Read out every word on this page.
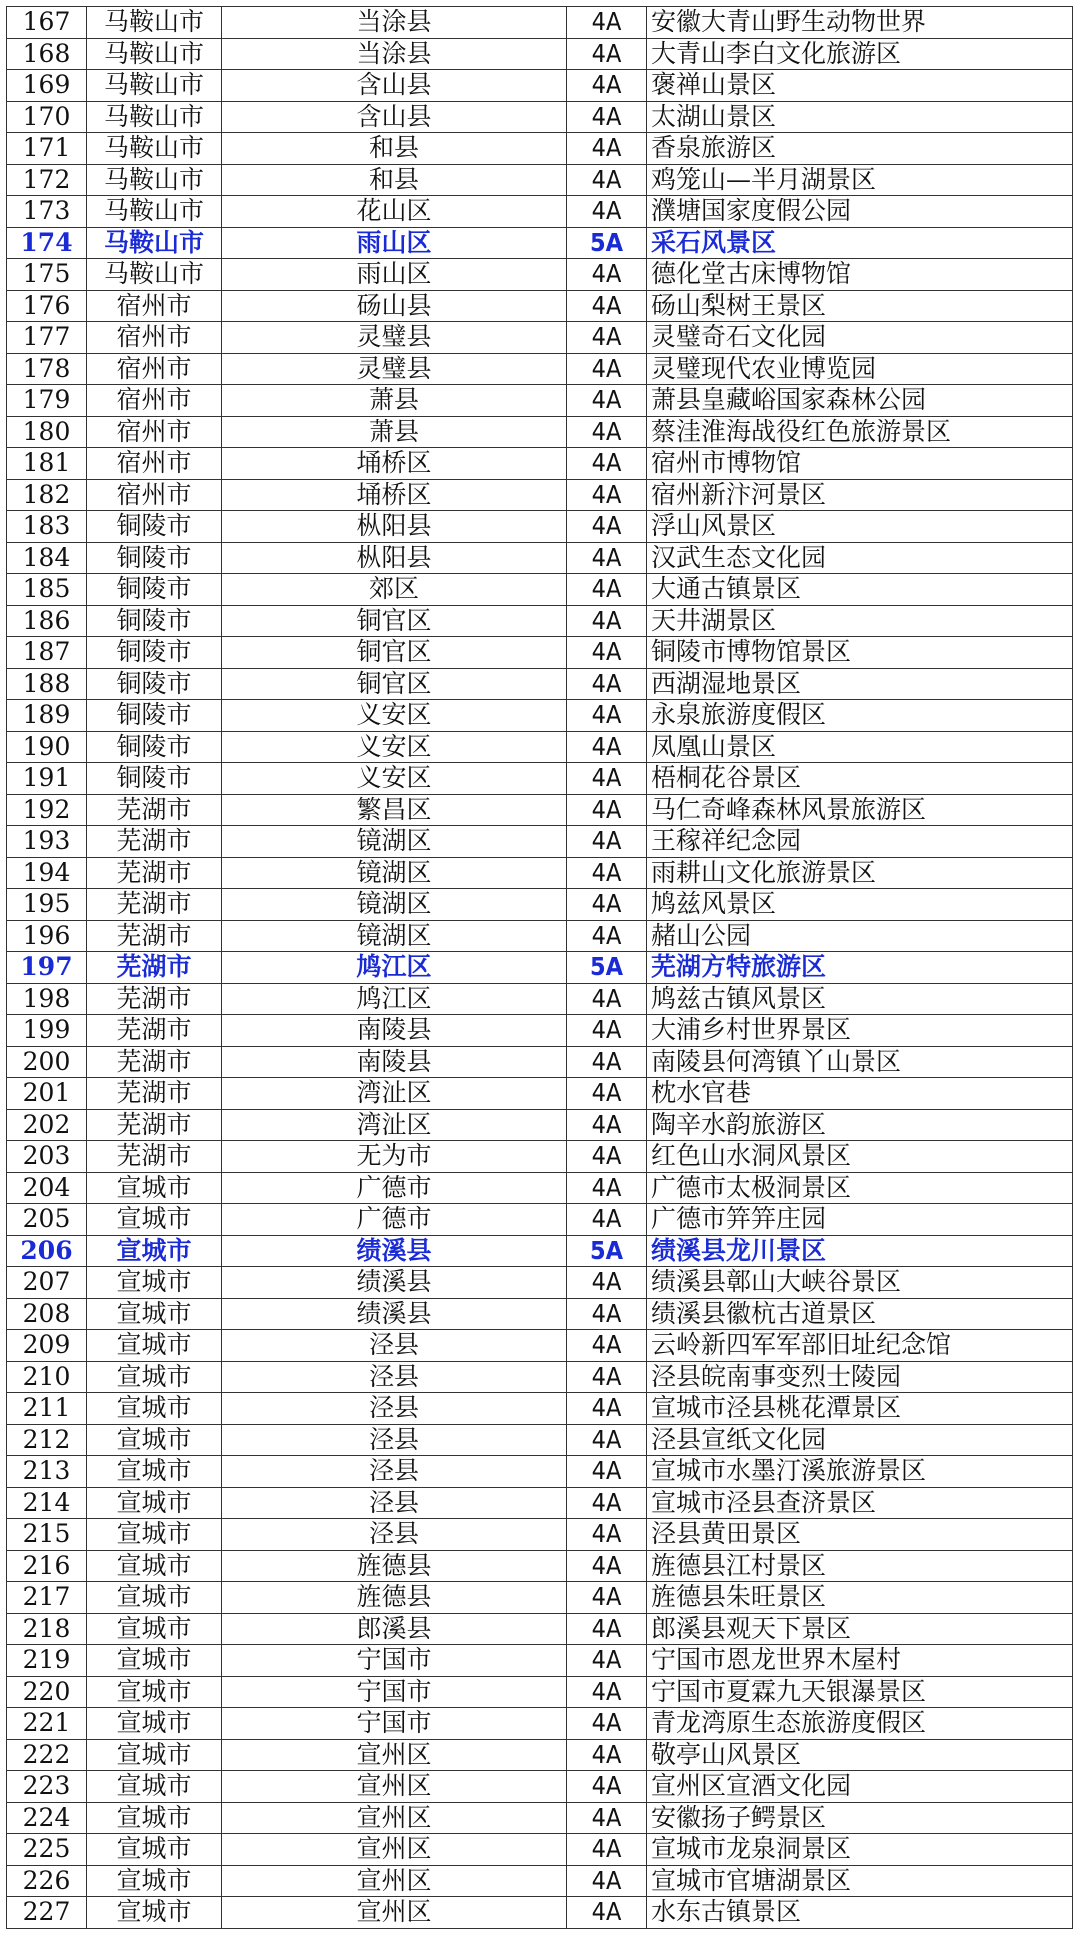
167	马鞍山市	当涂县	4A	安徽大青山野生动物世界
168	马鞍山市	当涂县	4A	大青山李白文化旅游区
169	马鞍山市	含山县	4A	褒禅山景区
170	马鞍山市	含山县	4A	太湖山景区
171	马鞍山市	和县	4A	香泉旅游区
172	马鞍山市	和县	4A	鸡笼山—半月湖景区
173	马鞍山市	花山区	4A	濮塘国家度假公园
174	马鞍山市	雨山区	5A	采石风景区
175	马鞍山市	雨山区	4A	德化堂古床博物馆
176	宿州市	砀山县	4A	砀山梨树王景区
177	宿州市	灵璧县	4A	灵璧奇石文化园
178	宿州市	灵璧县	4A	灵璧现代农业博览园
179	宿州市	萧县	4A	萧县皇藏峪国家森林公园
180	宿州市	萧县	4A	蔡洼淮海战役红色旅游景区
181	宿州市	埇桥区	4A	宿州市博物馆
182	宿州市	埇桥区	4A	宿州新汴河景区
183	铜陵市	枞阳县	4A	浮山风景区
184	铜陵市	枞阳县	4A	汉武生态文化园
185	铜陵市	郊区	4A	大通古镇景区
186	铜陵市	铜官区	4A	天井湖景区
187	铜陵市	铜官区	4A	铜陵市博物馆景区
188	铜陵市	铜官区	4A	西湖湿地景区
189	铜陵市	义安区	4A	永泉旅游度假区
190	铜陵市	义安区	4A	凤凰山景区
191	铜陵市	义安区	4A	梧桐花谷景区
192	芜湖市	繁昌区	4A	马仁奇峰森林风景旅游区
193	芜湖市	镜湖区	4A	王稼祥纪念园
194	芜湖市	镜湖区	4A	雨耕山文化旅游景区
195	芜湖市	镜湖区	4A	鸠兹风景区
196	芜湖市	镜湖区	4A	赭山公园
197	芜湖市	鸠江区	5A	芜湖方特旅游区
198	芜湖市	鸠江区	4A	鸠兹古镇风景区
199	芜湖市	南陵县	4A	大浦乡村世界景区
200	芜湖市	南陵县	4A	南陵县何湾镇丫山景区
201	芜湖市	湾沚区	4A	枕水官巷
202	芜湖市	湾沚区	4A	陶辛水韵旅游区
203	芜湖市	无为市	4A	红色山水洞风景区
204	宣城市	广德市	4A	广德市太极洞景区
205	宣城市	广德市	4A	广德市笄笄庄园
206	宣城市	绩溪县	5A	绩溪县龙川景区
207	宣城市	绩溪县	4A	绩溪县鄣山大峡谷景区
208	宣城市	绩溪县	4A	绩溪县徽杭古道景区
209	宣城市	泾县	4A	云岭新四军军部旧址纪念馆
210	宣城市	泾县	4A	泾县皖南事变烈士陵园
211	宣城市	泾县	4A	宣城市泾县桃花潭景区
212	宣城市	泾县	4A	泾县宣纸文化园
213	宣城市	泾县	4A	宣城市水墨汀溪旅游景区
214	宣城市	泾县	4A	宣城市泾县查济景区
215	宣城市	泾县	4A	泾县黄田景区
216	宣城市	旌德县	4A	旌德县江村景区
217	宣城市	旌德县	4A	旌德县朱旺景区
218	宣城市	郎溪县	4A	郎溪县观天下景区
219	宣城市	宁国市	4A	宁国市恩龙世界木屋村
220	宣城市	宁国市	4A	宁国市夏霖九天银瀑景区
221	宣城市	宁国市	4A	青龙湾原生态旅游度假区
222	宣城市	宣州区	4A	敬亭山风景区
223	宣城市	宣州区	4A	宣州区宣酒文化园
224	宣城市	宣州区	4A	安徽扬子鳄景区
225	宣城市	宣州区	4A	宣城市龙泉洞景区
226	宣城市	宣州区	4A	宣城市官塘湖景区
227	宣城市	宣州区	4A	水东古镇景区
